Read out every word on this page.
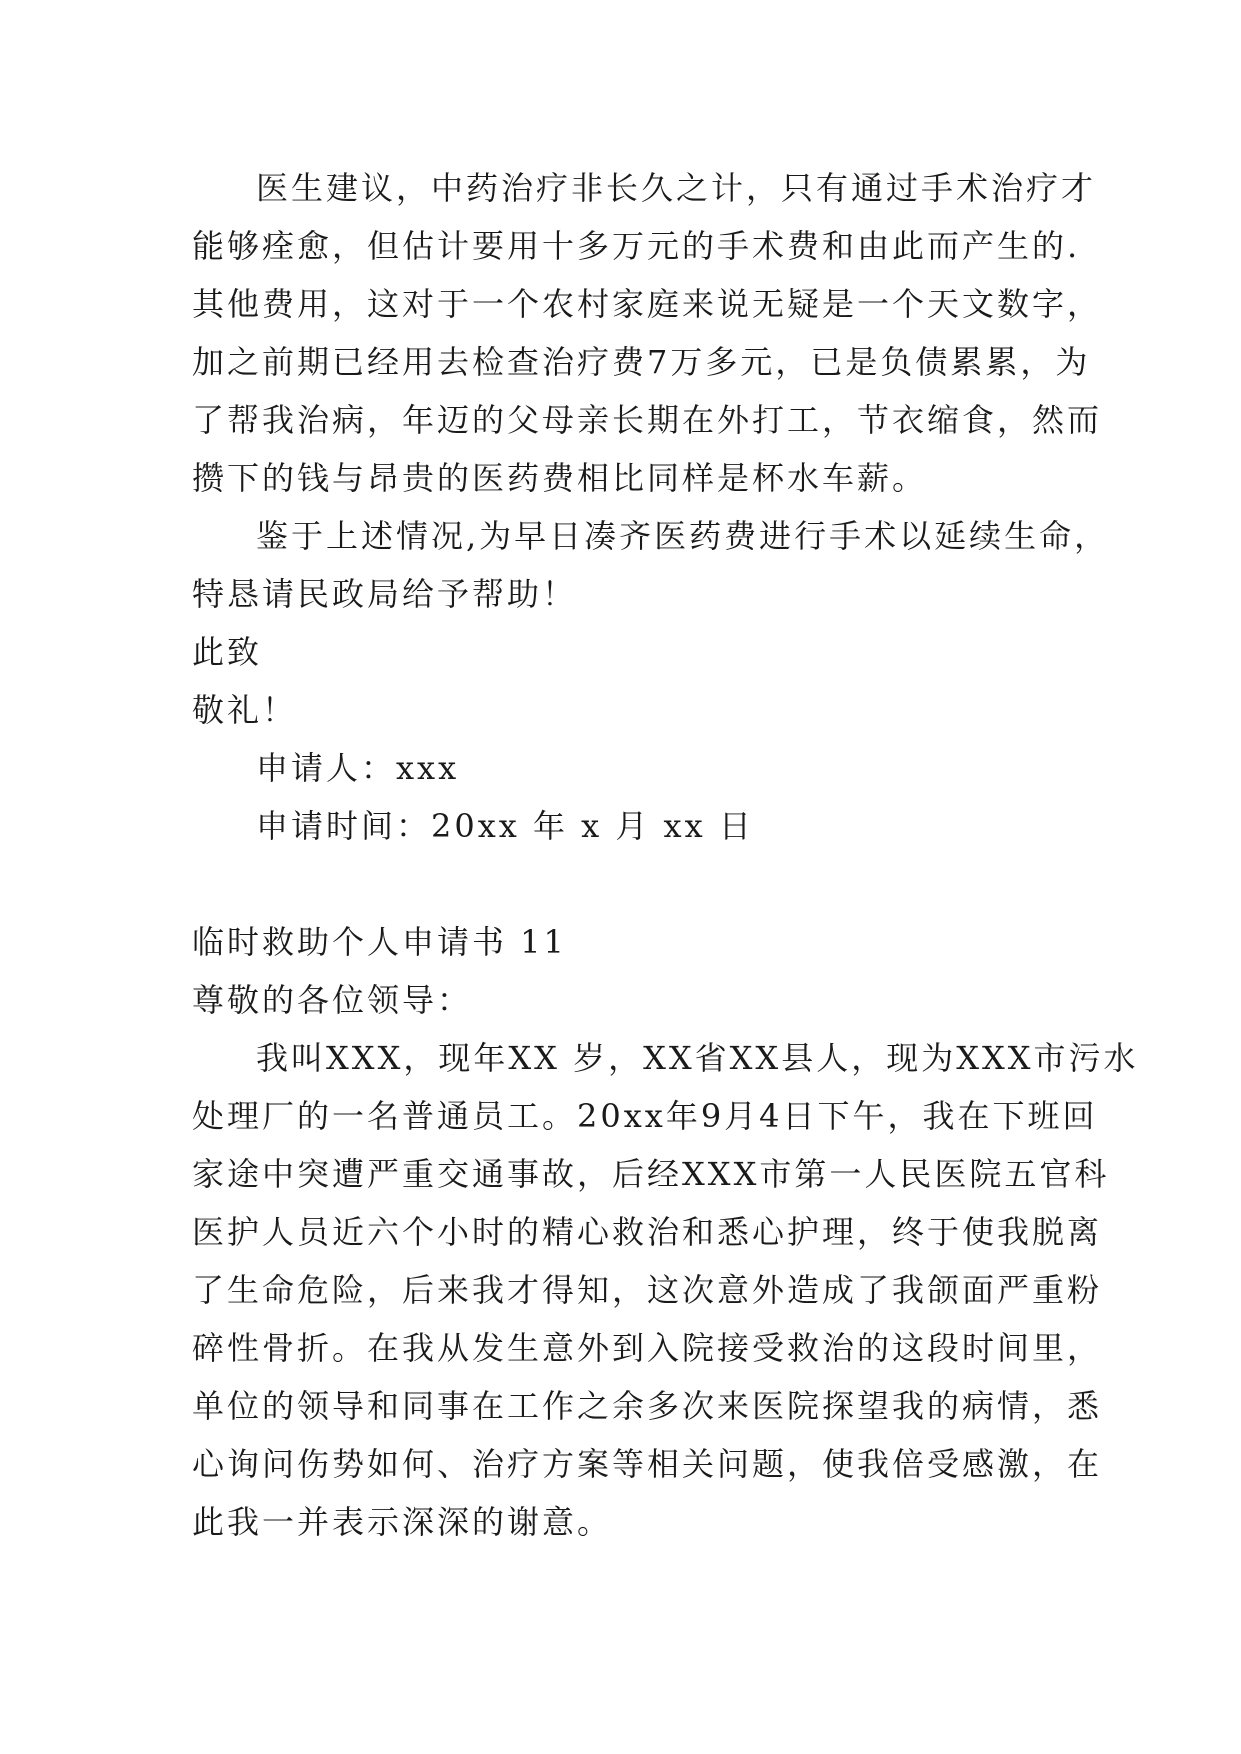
医生建议，中药治疗非长久之计，只有通过手术治疗才
能够痊愈，但估计要用十多万元的手术费和由此而产生的.
其他费用，这对于一个农村家庭来说无疑是一个天文数字，
加之前期已经用去检查治疗费7万多元，已是负债累累，为
了帮我治病，年迈的父母亲长期在外打工，节衣缩食，然而
攒下的钱与昂贵的医药费相比同样是杯水车薪。
鉴于上述情况,为早日凑齐医药费进行手术以延续生命，
特恳请民政局给予帮助！
此致
敬礼！
申请人：xxx
申请时间：20xx 年 x 月 xx 日
临时救助个人申请书 11
尊敬的各位领导：
我叫XXX，现年XX 岁，XX省XX县人，现为XXX市污水
处理厂的一名普通员工。20xx年9月4日下午，我在下班回
家途中突遭严重交通事故，后经XXX市第一人民医院五官科
医护人员近六个小时的精心救治和悉心护理，终于使我脱离
了生命危险，后来我才得知，这次意外造成了我颌面严重粉
碎性骨折。在我从发生意外到入院接受救治的这段时间里，
单位的领导和同事在工作之余多次来医院探望我的病情，悉
心询问伤势如何、治疗方案等相关问题，使我倍受感激，在
此我一并表示深深的谢意。
